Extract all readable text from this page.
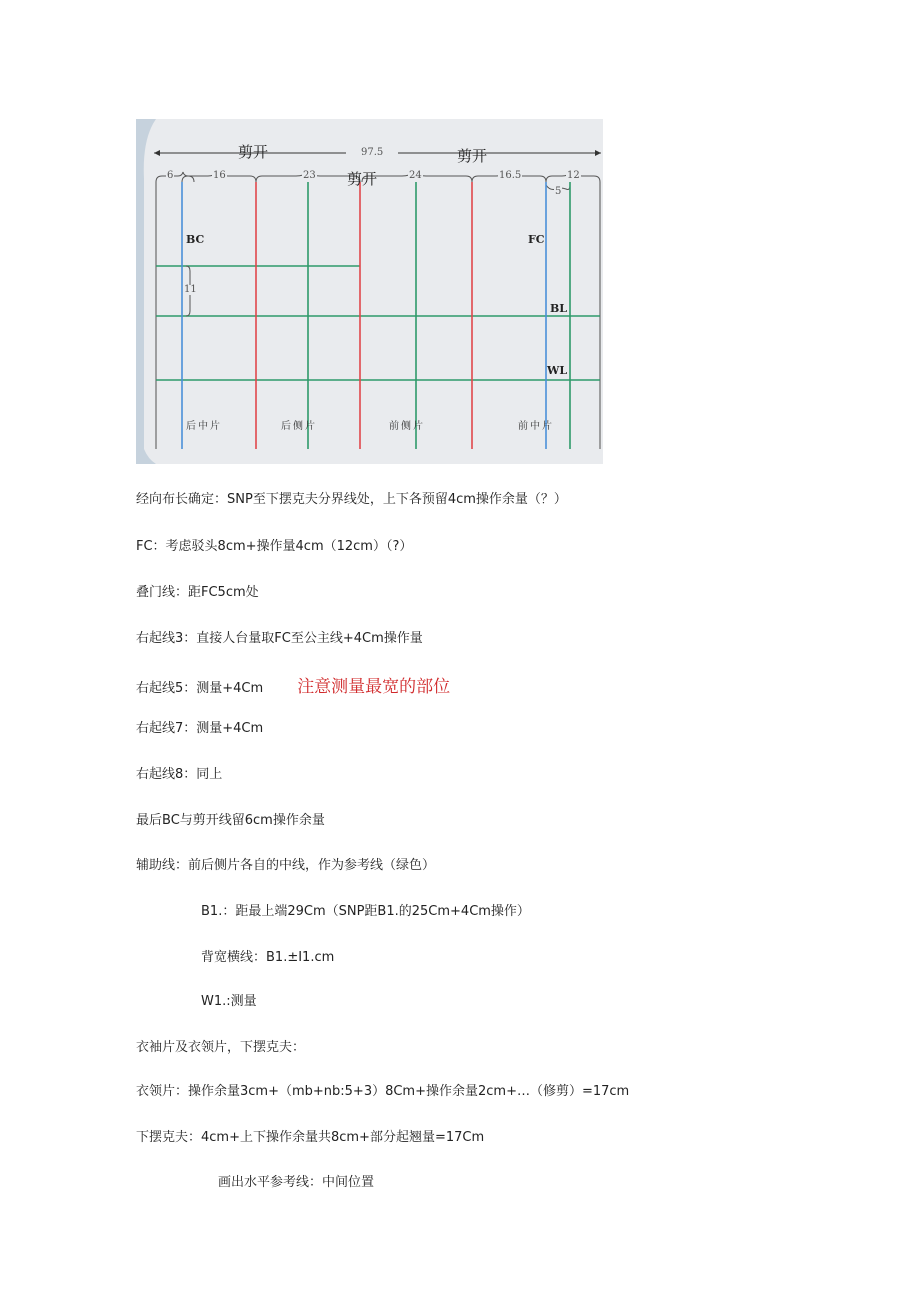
剪开	97.5	剪开
剪开
6	16	23	24	16.5	12
5
11
BC	FC
BL
WL
后中片	后侧片	前侧片	前中片
经向布长确定：SNP至下摆克夫分界线处，上下各预留4cm操作余量（？）
FC：考虑驳头8cm+操作量4cm（12cm）（?）
叠门线：距FC5cm处
右起线3：直接人台量取FC至公主线+4Cm操作量
右起线5：测量+4Cm 注意测量最宽的部位
右起线7：测量+4Cm
右起线8：同上
最后BC与剪开线留6cm操作余量
辅助线：前后侧片各自的中线，作为参考线（绿色）
B1.：距最上端29Cm（SNP距B1.的25Cm+4Cm操作）
背宽横线：B1.±I1.cm
W1.:测量
衣袖片及衣领片，下摆克夫：
衣领片：操作余量3cm+（mb+nb:5+3）8Cm+操作余量2cm+…（修剪）=17cm
下摆克夫：4cm+上下操作余量共8cm+部分起翘量=17Cm
画出水平参考线：中间位置
